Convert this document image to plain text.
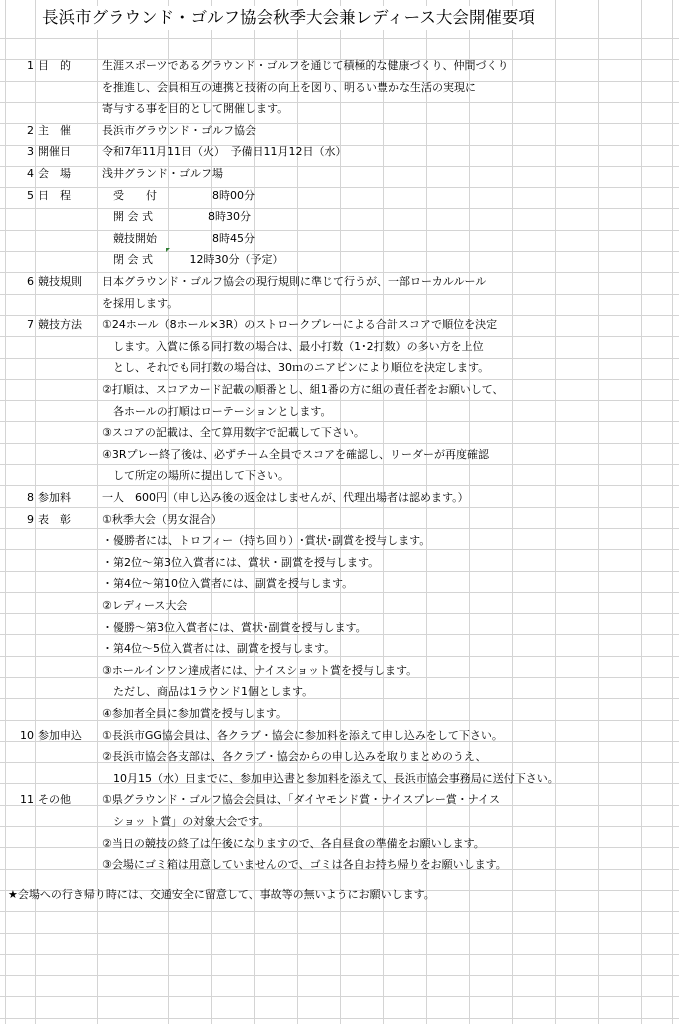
長浜市グラウンド・ゴルフ協会秋季大会兼レディース大会開催要項
1 目　的	生涯スポーツであるグラウンド・ゴルフを通じて積極的な健康づくり、仲間づくり
を推進し、会員相互の連携と技術の向上を図り、明るい豊かな生活の実現に
寄与する事を目的として開催します。
2 主　催	長浜市グラウンド・ゴルフ協会
3 開催日	令和7年11月11日（火）　予備日11月12日（水）
4 会　場	浅井グランド・ゴルフ場
5 日　程	　受　　付　　　　　8時00分
　開 会 式　　　　　8時30分
　競技開始　　　　　8時45分
　閉 会 式　　　 12時30分（予定）
6 競技規則 日本グラウンド・ゴルフ協会の現行規則に準じて行うが、一部ローカルルール
を採用します。
7 競技方法 ①24ホール（8ホール×3R）のストロークプレーによる合計スコアで順位を決定
　します。入賞に係る同打数の場合は、最小打数（1･2打数）の多い方を上位
　とし、それでも同打数の場合は、30ｍのニアピンにより順位を決定します。
②打順は、スコアカード記載の順番とし、組1番の方に組の責任者をお願いして、
　各ホールの打順はローテーションとします。
③スコアの記載は、全て算用数字で記載して下さい。
④3Rプレー終了後は、必ずチーム全員でスコアを確認し、リーダーが再度確認
　して所定の場所に提出して下さい。
8 参加料	一人　600円（申し込み後の返金はしませんが、代理出場者は認めます。）
9 表　彰	①秋季大会（男女混合）
・優勝者には、トロフィー（持ち回り）･賞状･副賞を授与します。
・第2位～第3位入賞者には、賞状・副賞を授与します。
・第4位～第10位入賞者には、副賞を授与します。
②レディース大会
・優勝～第3位入賞者には、賞状･副賞を授与します。
・第4位～5位入賞者には、副賞を授与します。
③ホールインワン達成者には、ナイスショット賞を授与します。
　ただし、商品は1ラウンド1個とします。
④参加者全員に参加賞を授与します。
10 参加申込 ①長浜市GG協会員は、各クラブ・協会に参加料を添えて申し込みをして下さい。
②長浜市協会各支部は、各クラブ・協会からの申し込みを取りまとめのうえ、
　10月15（水）日までに、参加申込書と参加料を添えて、長浜市協会事務局に送付下さい。
11 その他	①県グラウンド・ゴルフ協会会員は、「ダイヤモンド賞・ナイスプレー賞・ナイス
　ショッ ト賞」の対象大会です。
②当日の競技の終了は午後になりますので、各自昼食の準備をお願いします。
③会場にゴミ箱は用意していませんので、ゴミは各自お持ち帰りをお願いします。
★会場への行き帰り時には、交通安全に留意して、事故等の無いようにお願いします。
